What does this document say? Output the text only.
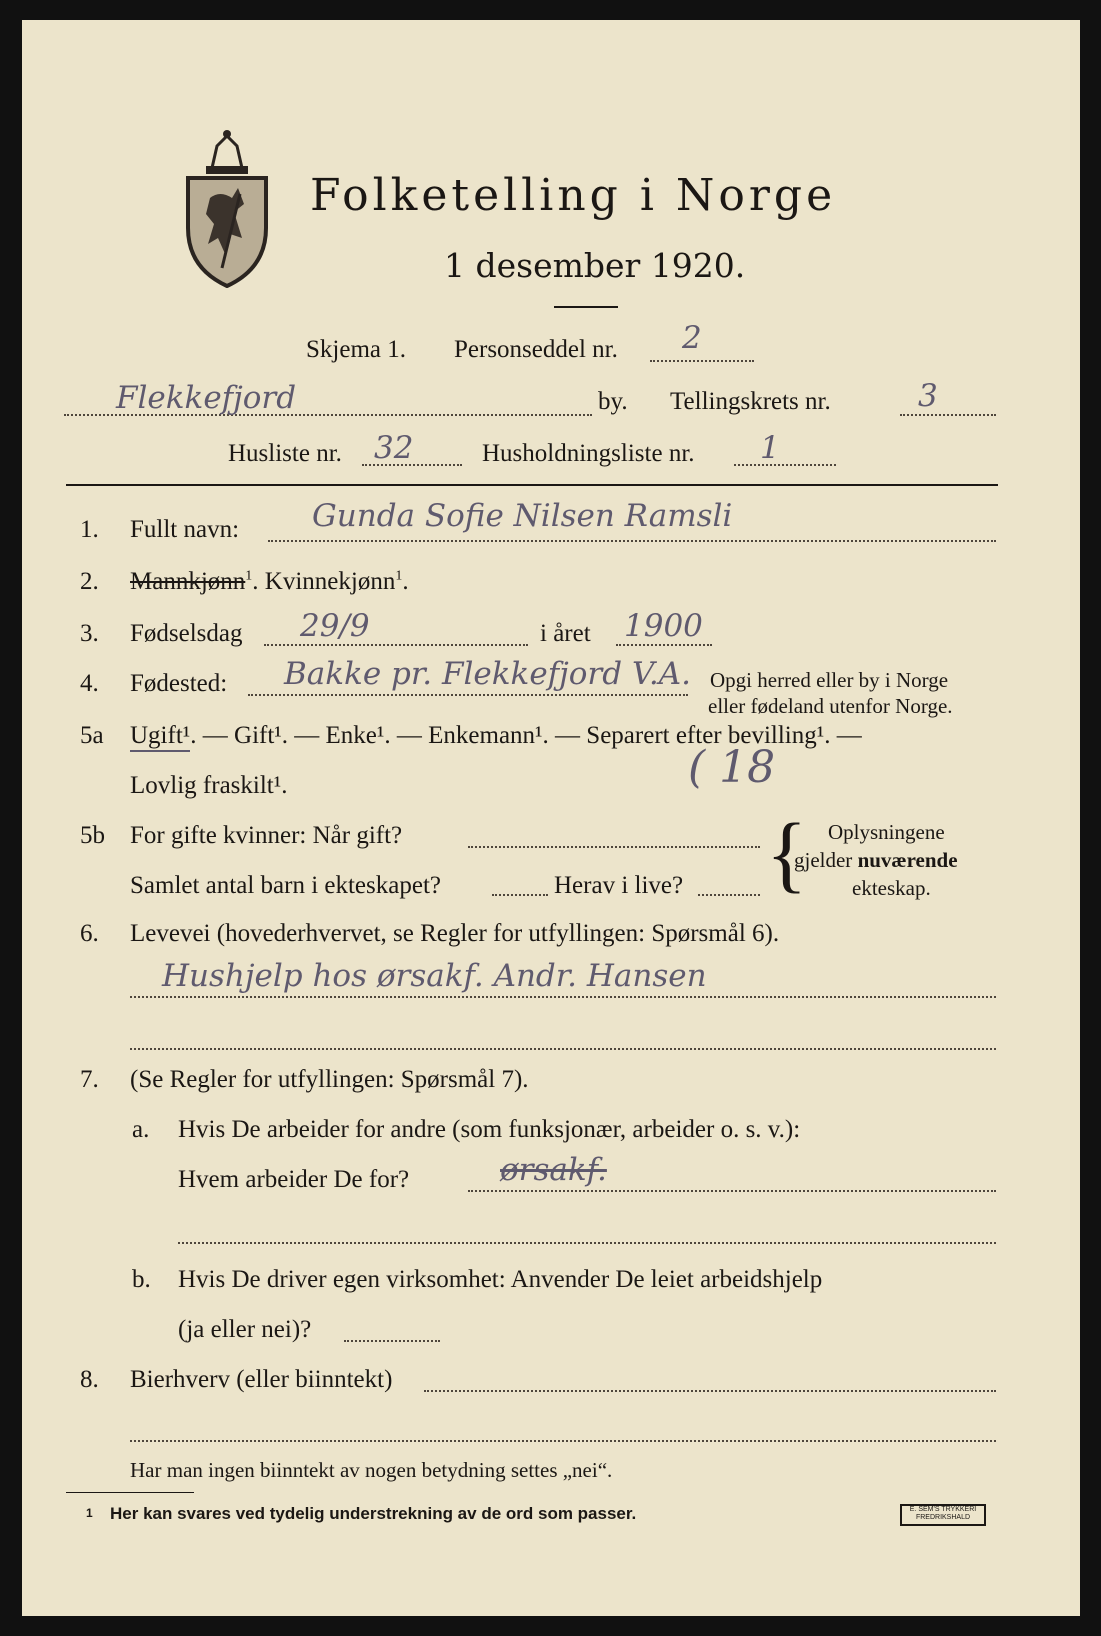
Folketelling i Norge
1 desember 1920.
Skjema 1. Personseddel nr. 2
Flekkefjord	by. Tellingskrets nr.	3
Husliste nr. 32	Husholdningsliste nr. 1
1. Fullt navn: Gunda Sofie Nilsen Ramsli
2. Mannkjønn$^1$. Kvinnekjønn$^1$.
3. Fødselsdag 29/9	i året 1900
4. Fødested: Bakke pr. Flekkefjord V.A. Opgi herred eller by i Norge
eller fødeland utenfor Norge.
5a Ugift¹. — Gift¹. — Enke¹. — Enkemann¹. — Separert efter bevilling¹. —
Lovlig fraskilt¹.	( 18
5b For gifte kvinner: Når gift?
Samlet antal barn i ekteskapet?	Herav i live? { Oplysningene
gjelder nuværende
ekteskap.
6. Levevei (hovederhvervet, se Regler for utfyllingen: Spørsmål 6).
Hushjelp hos ørsakf. Andr. Hansen
7. (Se Regler for utfyllingen: Spørsmål 7).
a. Hvis De arbeider for andre (som funksjonær, arbeider o. s. v.):
Hvem arbeider De for?	ørsakf.
b. Hvis De driver egen virksomhet: Anvender De leiet arbeidshjelp
(ja eller nei)?
8. Bierhverv (eller biinntekt)
Har man ingen biinntekt av nogen betydning settes „nei“.
1 Her kan svares ved tydelig understrekning av de ord som passer.	E. SEM'S TRYKKERI
FREDRIKSHALD
